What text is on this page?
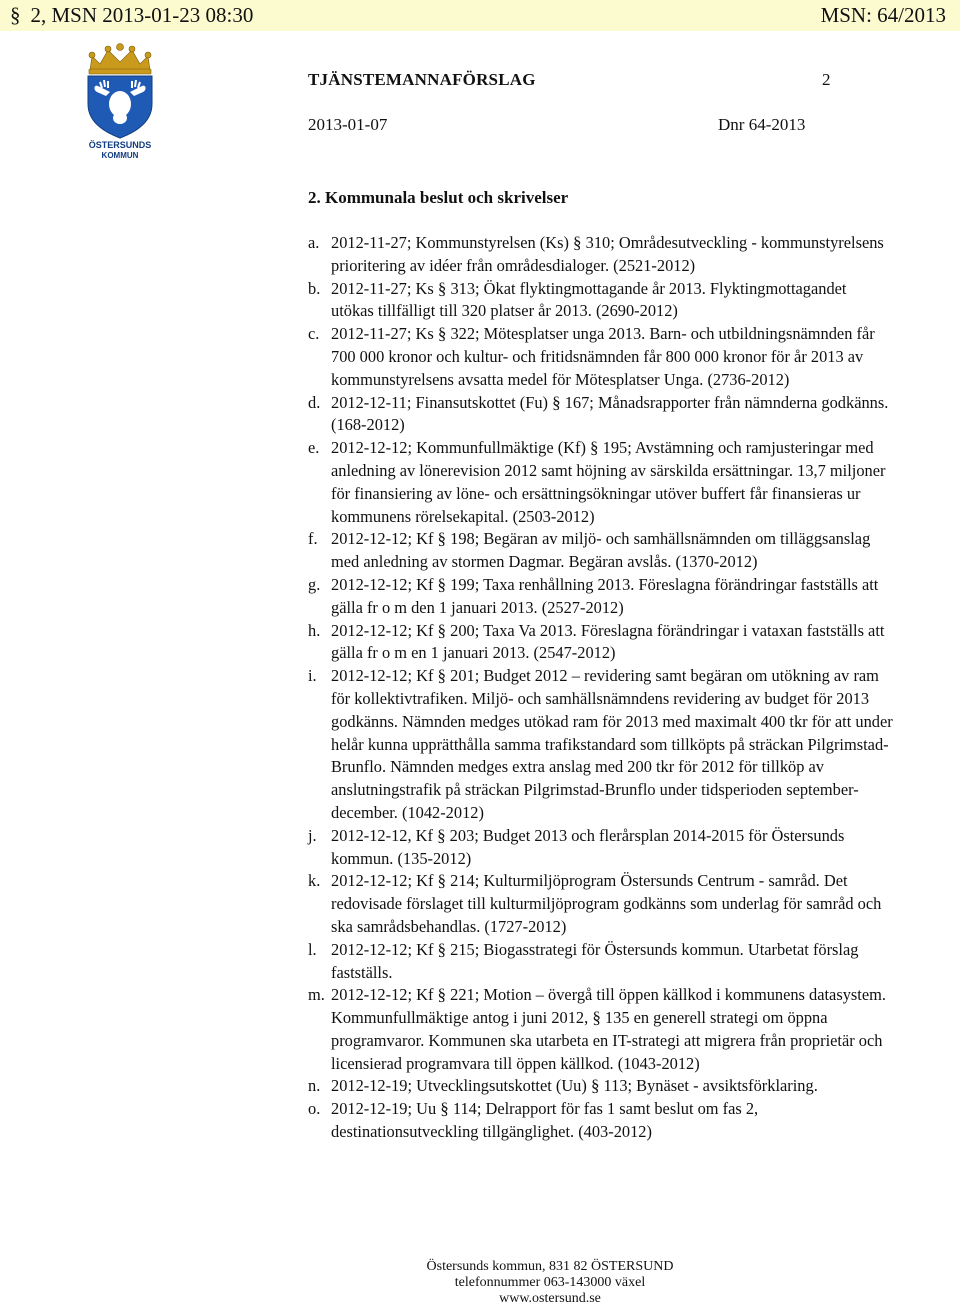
§ 2, MSN 2013-01-23 08:30	MSN: 64/2013
ÖSTERSUNDS
KOMMUN
TJÄNSTEMANNAFÖRSLAG	2
2013-01-07	Dnr 64-2013
2. Kommunala beslut och skrivelser
a. 2012-11-27; Kommunstyrelsen (Ks) § 310; Områdesutveckling - kommunstyrelsens prioritering av idéer från områdesdialoger. (2521-2012)
b. 2012-11-27; Ks § 313; Ökat flyktingmottagande år 2013. Flyktingmottagandet utökas tillfälligt till 320 platser år 2013. (2690-2012)
c. 2012-11-27; Ks § 322; Mötesplatser unga 2013. Barn- och utbildningsnämnden får 700 000 kronor och kultur- och fritidsnämnden får 800 000 kronor för år 2013 av kommunstyrelsens avsatta medel för Mötesplatser Unga. (2736-2012)
d. 2012-12-11; Finansutskottet (Fu) § 167; Månadsrapporter från nämnderna godkänns. (168-2012)
e. 2012-12-12; Kommunfullmäktige (Kf) § 195; Avstämning och ramjusteringar med anledning av lönerevision 2012 samt höjning av särskilda ersättningar. 13,7 miljoner för finansiering av löne- och ersättningsökningar utöver buffert får finansieras ur kommunens rörelsekapital. (2503-2012)
f. 2012-12-12; Kf § 198; Begäran av miljö- och samhällsnämnden om tilläggsanslag med anledning av stormen Dagmar. Begäran avslås. (1370-2012)
g. 2012-12-12; Kf § 199; Taxa renhållning 2013. Föreslagna förändringar fastställs att gälla fr o m den 1 januari 2013. (2527-2012)
h. 2012-12-12; Kf § 200; Taxa Va 2013. Föreslagna förändringar i vataxan fastställs att gälla fr o m en 1 januari 2013. (2547-2012)
i. 2012-12-12; Kf § 201; Budget 2012 – revidering samt begäran om utökning av ram för kollektivtrafiken. Miljö- och samhällsnämndens revidering av budget för 2013 godkänns. Nämnden medges utökad ram för 2013 med maximalt 400 tkr för att under helår kunna upprätthålla samma trafikstandard som tillköpts på sträckan Pilgrimstad-Brunflo. Nämnden medges extra anslag med 200 tkr för 2012 för tillköp av anslutningstrafik på sträckan Pilgrimstad-Brunflo under tidsperioden september-december. (1042-2012)
j. 2012-12-12, Kf § 203; Budget 2013 och flerårsplan 2014-2015 för Östersunds kommun. (135-2012)
k. 2012-12-12; Kf § 214; Kulturmiljöprogram Östersunds Centrum - samråd. Det redovisade förslaget till kulturmiljöprogram godkänns som underlag för samråd och ska samrådsbehandlas. (1727-2012)
l. 2012-12-12; Kf § 215; Biogasstrategi för Östersunds kommun. Utarbetat förslag fastställs.
m. 2012-12-12; Kf § 221; Motion – övergå till öppen källkod i kommunens datasystem. Kommunfullmäktige antog i juni 2012, § 135 en generell strategi om öppna programvaror. Kommunen ska utarbeta en IT-strategi att migrera från proprietär och licensierad programvara till öppen källkod. (1043-2012)
n. 2012-12-19; Utvecklingsutskottet (Uu) § 113; Bynäset - avsiktsförklaring.
o. 2012-12-19; Uu § 114; Delrapport för fas 1 samt beslut om fas 2, destinationsutveckling tillgänglighet. (403-2012)
Östersunds kommun, 831 82 ÖSTERSUND
telefonnummer 063-143000 växel
www.ostersund.se
